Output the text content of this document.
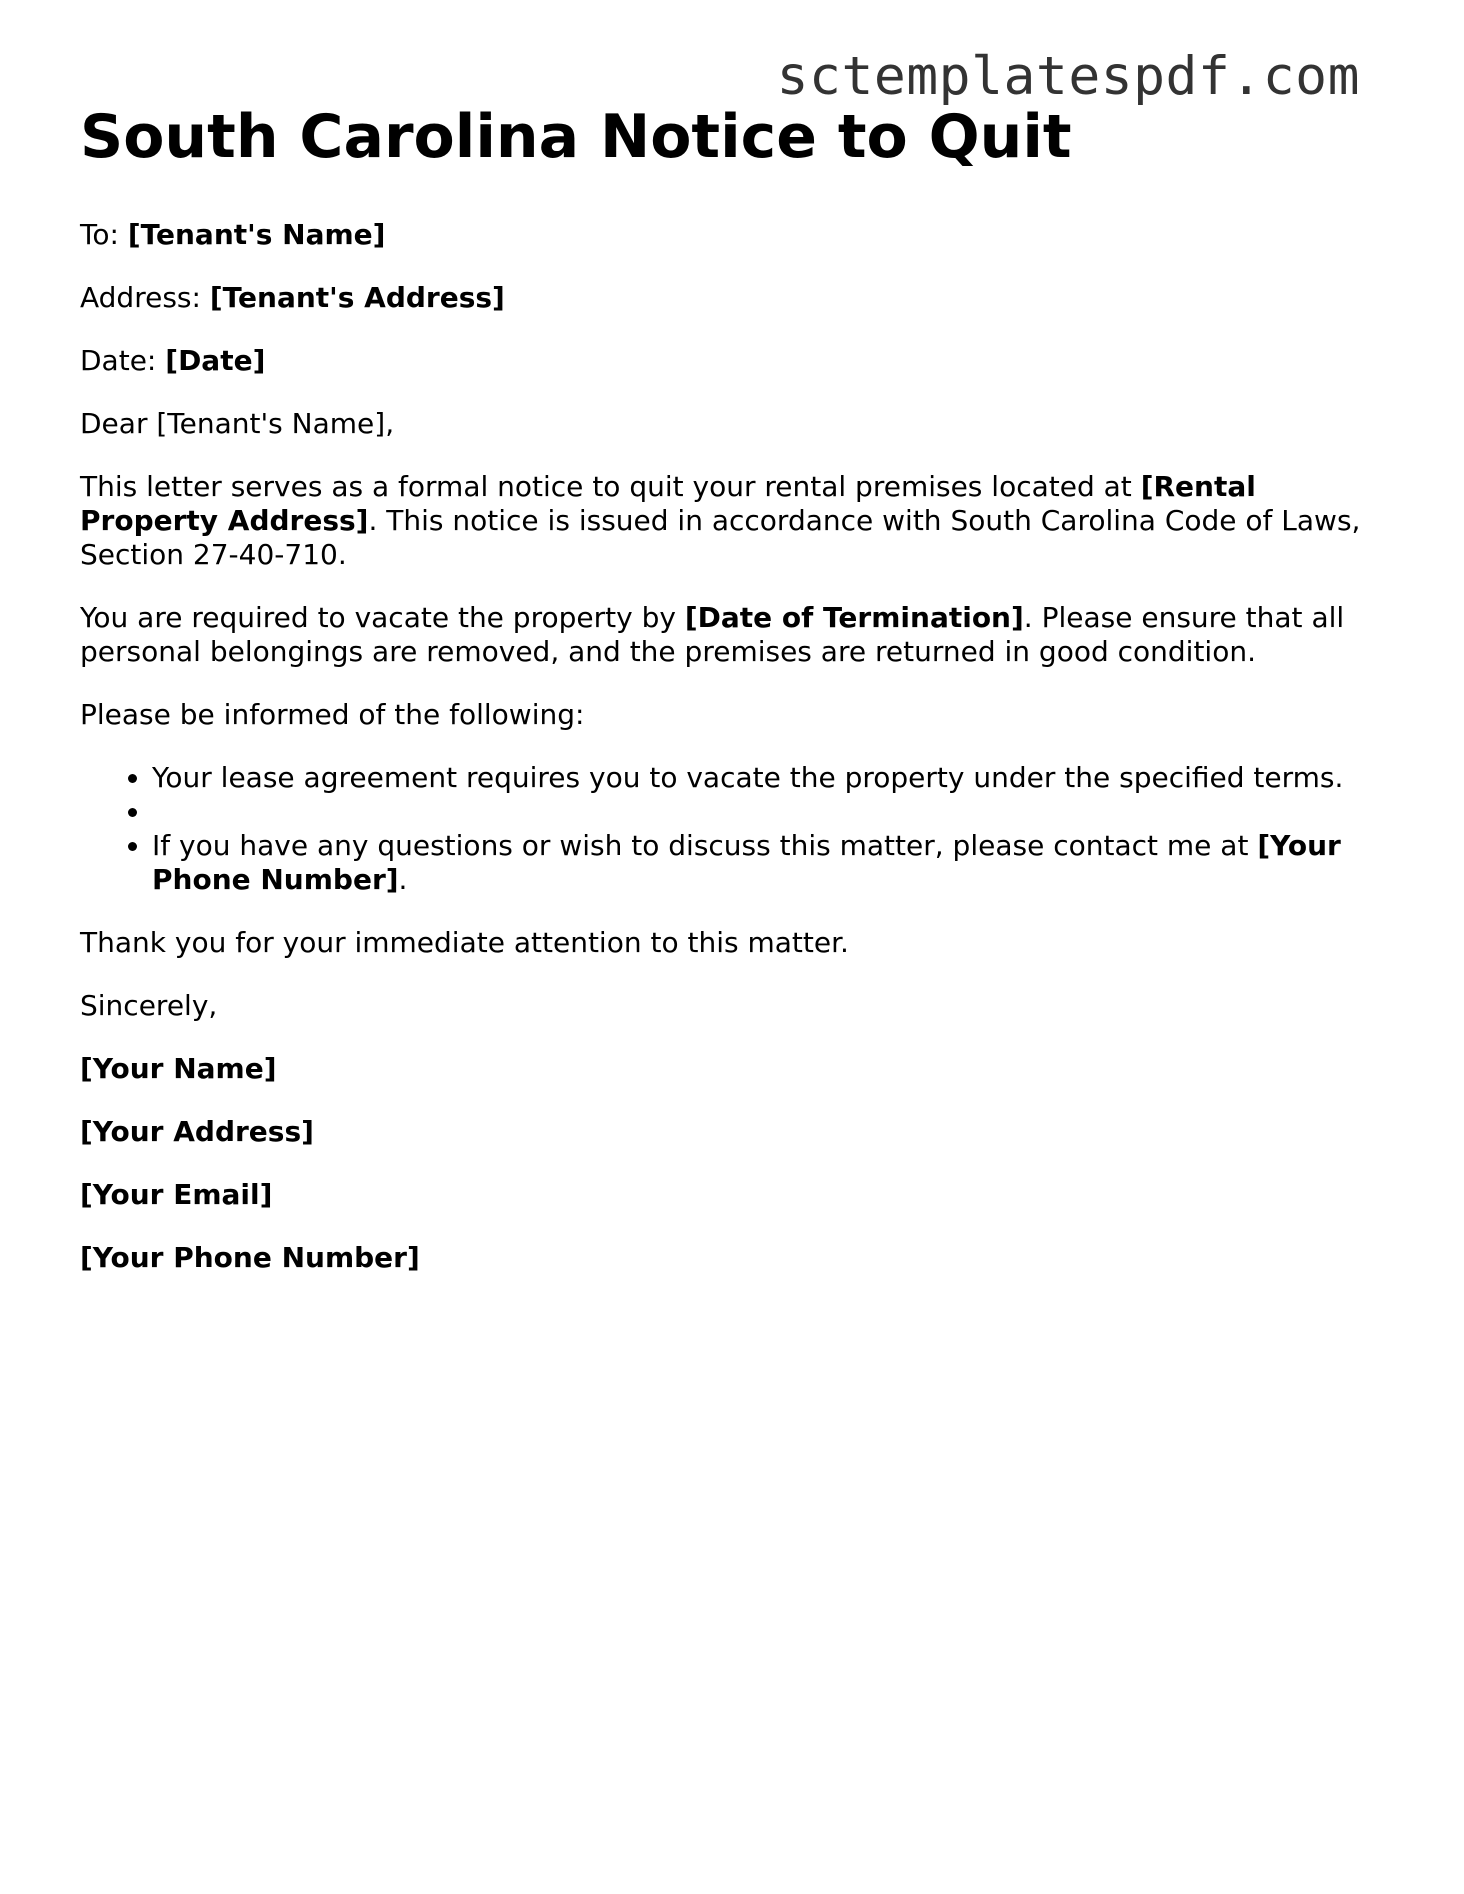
sctemplatespdf.com
South Carolina Notice to Quit

To: [Tenant's Name]

Address: [Tenant's Address]

Date: [Date]

Dear [Tenant's Name],

This letter serves as a formal notice to quit your rental premises located at [Rental Property Address]. This notice is issued in accordance with South Carolina Code of Laws, Section 27-40-710.

You are required to vacate the property by [Date of Termination]. Please ensure that all personal belongings are removed, and the premises are returned in good condition.

Please be informed of the following:

• Your lease agreement requires you to vacate the property under the specified terms.
•
• If you have any questions or wish to discuss this matter, please contact me at [Your Phone Number].

Thank you for your immediate attention to this matter.

Sincerely,

[Your Name]

[Your Address]

[Your Email]

[Your Phone Number]
